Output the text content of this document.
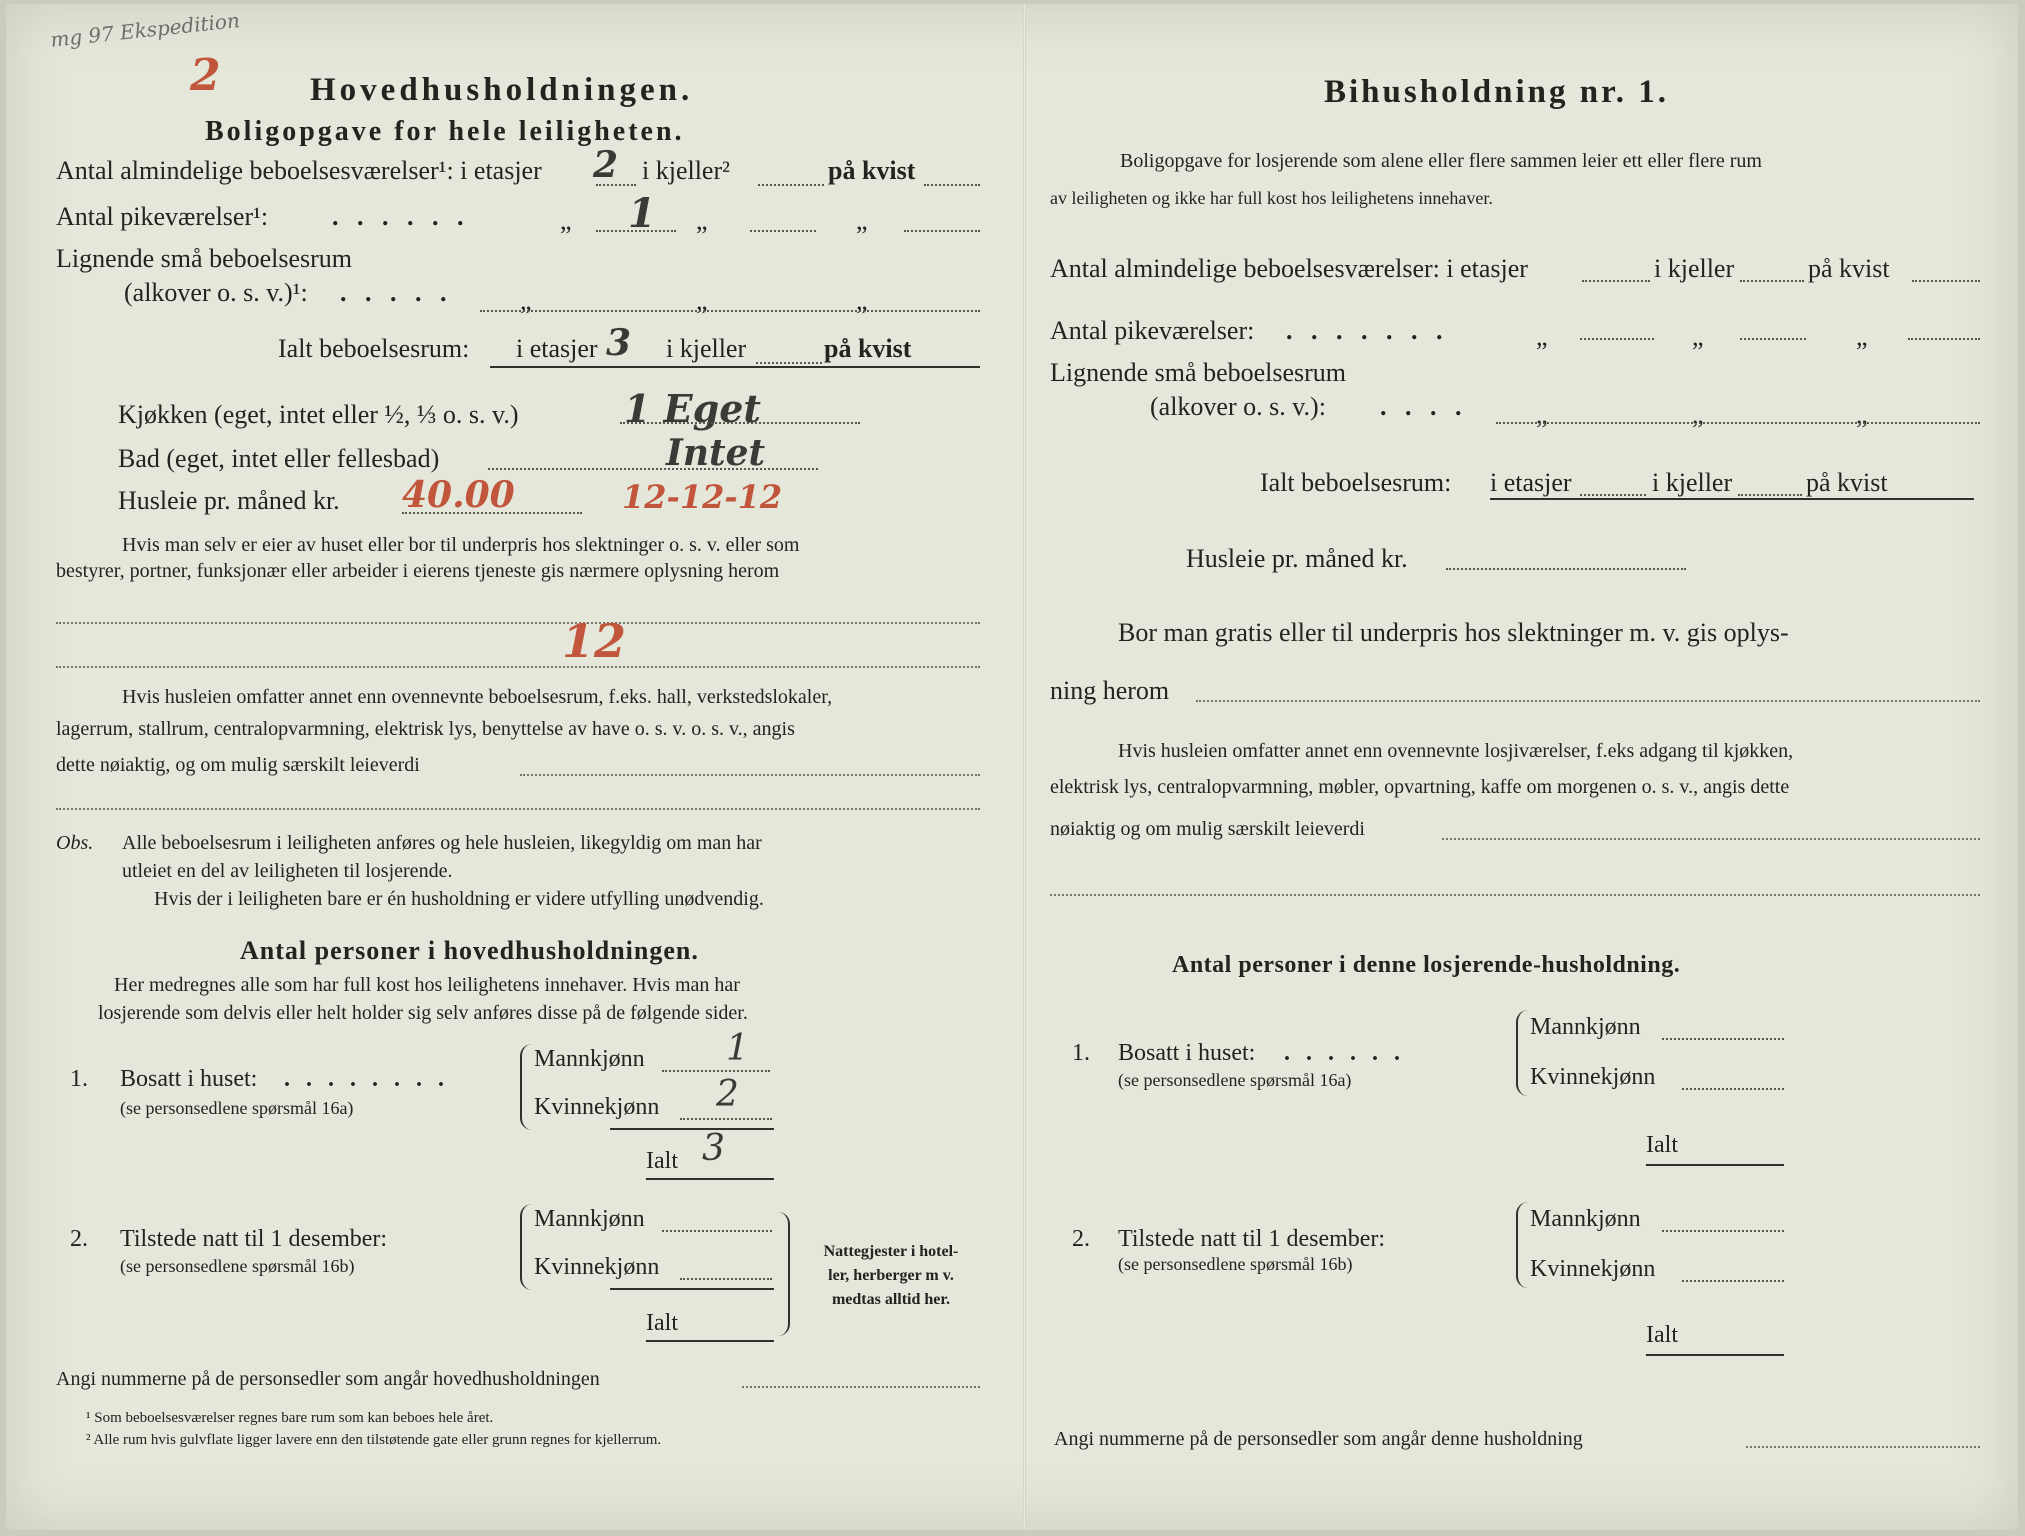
mg 97 Ekspedition
2	Hovedhusholdningen.
Boligopgave for hele leiligheten.
Antal almindelige beboelsesværelser¹: i etasjer 2 i kjeller²	på kvist
Antal pikeværelser¹: . . . . . .	„ 1 „	„
Lignende små beboelsesrum
(alkover o. s. v.)¹: . . . . .	„	„	„
Ialt beboelsesrum: i etasjer 3 i kjeller	på kvist
Kjøkken (eget, intet eller ½, ⅓ o. s. v.)	1 Eget
Bad (eget, intet eller fellesbad)	Intet
Husleie pr. måned kr. 40.00	12-12-12
Hvis man selv er eier av huset eller bor til underpris hos slektninger o. s. v. eller som
bestyrer, portner, funksjonær eller arbeider i eierens tjeneste gis nærmere oplysning herom
12
Hvis husleien omfatter annet enn ovennevnte beboelsesrum, f.eks. hall, verkstedslokaler,
lagerrum, stallrum, centralopvarmning, elektrisk lys, benyttelse av have o. s. v. o. s. v., angis
dette nøiaktig, og om mulig særskilt leieverdi
Obs. Alle beboelsesrum i leiligheten anføres og hele husleien, likegyldig om man har
utleiet en del av leiligheten til losjerende.
Hvis der i leiligheten bare er én husholdning er videre utfylling unødvendig.
Antal personer i hovedhusholdningen.
Her medregnes alle som har full kost hos leilighetens innehaver. Hvis man har
losjerende som delvis eller helt holder sig selv anføres disse på de følgende sider.
1. Bosatt i huset: . . . . . . . .
(se personsedlene spørsmål 16a)
Mannkjønn 1
Kvinnekjønn 2
Ialt 3
2. Tilstede natt til 1 desember:
(se personsedlene spørsmål 16b)
Mannkjønn
Kvinnekjønn
Ialt
Nattegjester i hotel-
ler, herberger m v.
medtas alltid her.
Angi nummerne på de personsedler som angår hovedhusholdningen
¹ Som beboelsesværelser regnes bare rum som kan beboes hele året.
² Alle rum hvis gulvflate ligger lavere enn den tilstøtende gate eller grunn regnes for kjellerrum.
Bihusholdning nr. 1.
Boligopgave for losjerende som alene eller flere sammen leier ett eller flere rum
av leiligheten og ikke har full kost hos leilighetens innehaver.
Antal almindelige beboelsesværelser: i etasjer	i kjeller	på kvist
Antal pikeværelser: . . . . . . .	„	„	„
Lignende små beboelsesrum
(alkover o. s. v.): . . . .	„	„	„
Ialt beboelsesrum: i etasjer	i kjeller	på kvist
Husleie pr. måned kr.
Bor man gratis eller til underpris hos slektninger m. v. gis oplys-
ning herom
Hvis husleien omfatter annet enn ovennevnte losjiværelser, f.eks adgang til kjøkken,
elektrisk lys, centralopvarmning, møbler, opvartning, kaffe om morgenen o. s. v., angis dette
nøiaktig og om mulig særskilt leieverdi
Antal personer i denne losjerende-husholdning.
1. Bosatt i huset: . . . . . .
(se personsedlene spørsmål 16a)
Mannkjønn
Kvinnekjønn
Ialt
2. Tilstede natt til 1 desember:
(se personsedlene spørsmål 16b)
Mannkjønn
Kvinnekjønn
Ialt
Angi nummerne på de personsedler som angår denne husholdning
